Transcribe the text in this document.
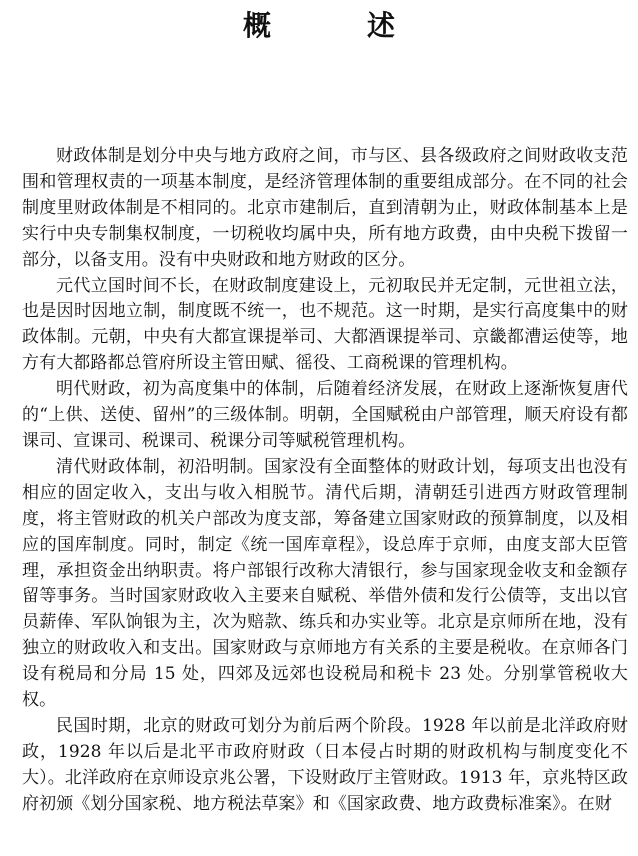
概　述

财政体制是划分中央与地方政府之间，市与区、县各级政府之间财政收支范围和管理权责的一项基本制度，是经济管理体制的重要组成部分。在不同的社会制度里财政体制是不相同的。北京市建制后，直到清朝为止，财政体制基本上是实行中央专制集权制度，一切税收均属中央，所有地方政费，由中央税下拨留一部分，以备支用。没有中央财政和地方财政的区分。

元代立国时间不长，在财政制度建设上，元初取民并无定制，元世祖立法，也是因时因地立制，制度既不统一，也不规范。这一时期，是实行高度集中的财政体制。元朝，中央有大都宣课提举司、大都酒课提举司、京畿都漕运使等，地方有大都路都总管府所设主管田赋、徭役、工商税课的管理机构。

明代财政，初为高度集中的体制，后随着经济发展，在财政上逐渐恢复唐代的“上供、送使、留州”的三级体制。明朝，全国赋税由户部管理，顺天府设有都课司、宣课司、税课司、税课分司等赋税管理机构。

清代财政体制，初沿明制。国家没有全面整体的财政计划，每项支出也没有相应的固定收入，支出与收入相脱节。清代后期，清朝廷引进西方财政管理制度，将主管财政的机关户部改为度支部，筹备建立国家财政的预算制度，以及相应的国库制度。同时，制定《统一国库章程》，设总库于京师，由度支部大臣管理，承担资金出纳职责。将户部银行改称大清银行，参与国家现金收支和金额存留等事务。当时国家财政收入主要来自赋税、举借外债和发行公债等，支出以官员薪俸、军队饷银为主，次为赔款、练兵和办实业等。北京是京师所在地，没有独立的财政收入和支出。国家财政与京师地方有关系的主要是税收。在京师各门设有税局和分局 15 处，四郊及远郊也设税局和税卡 23 处。分别掌管税收大权。

民国时期，北京的财政可划分为前后两个阶段。1928 年以前是北洋政府财政，1928 年以后是北平市政府财政（日本侵占时期的财政机构与制度变化不大）。北洋政府在京师设京兆公署，下设财政厅主管财政。1913 年，京兆特区政府初颁《划分国家税、地方税法草案》和《国家政费、地方政费标准案》。在财
